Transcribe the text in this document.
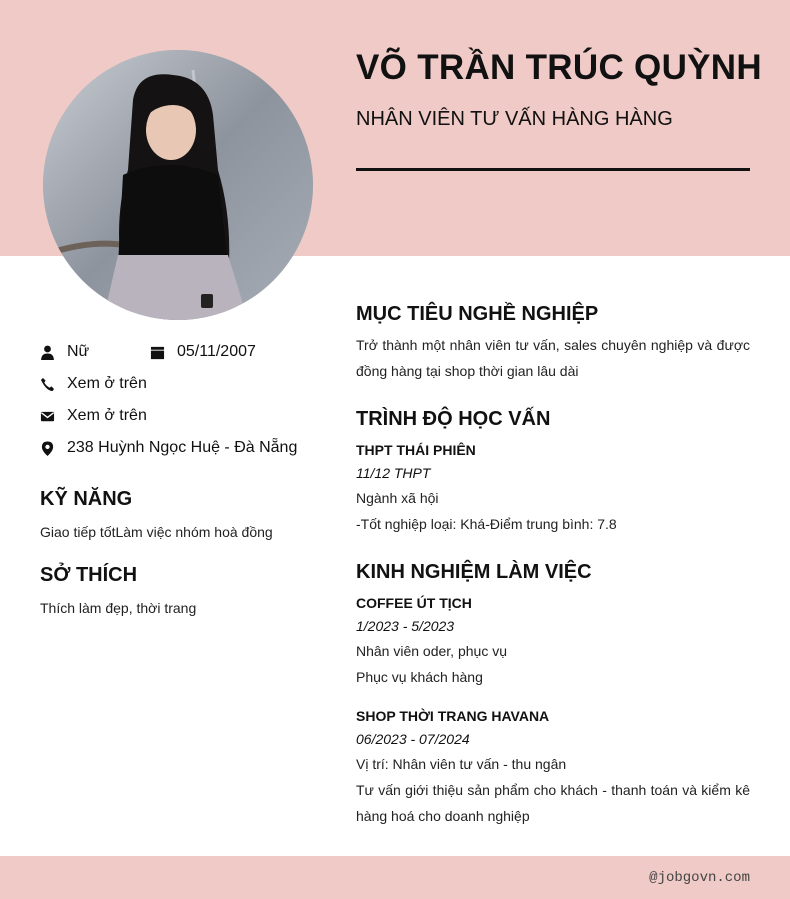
VÕ TRẦN TRÚC QUỲNH
NHÂN VIÊN TƯ VẤN HÀNG HÀNG
Nữ	05/11/2007
Xem ở trên
Xem ở trên
238 Huỳnh Ngọc Huệ - Đà Nẵng
KỸ NĂNG
Giao tiếp tốtLàm việc nhóm hoà đồng
SỞ THÍCH
Thích làm đẹp, thời trang
MỤC TIÊU NGHỀ NGHIỆP
Trở thành một nhân viên tư vấn, sales chuyên nghiệp và được đồng hàng tại shop thời gian lâu dài
TRÌNH ĐỘ HỌC VẤN
THPT THÁI PHIÊN
11/12 THPT
Ngành xã hội
-Tốt nghiệp loại: Khá-Điểm trung bình: 7.8
KINH NGHIỆM LÀM VIỆC
COFFEE ÚT TỊCH
1/2023 - 5/2023
Nhân viên oder, phục vụ
Phục vụ khách hàng
SHOP THỜI TRANG HAVANA
06/2023 - 07/2024
Vị trí: Nhân viên tư vấn - thu ngân
Tư vấn giới thiệu sản phẩm cho khách - thanh toán và kiểm kê hàng hoá cho doanh nghiệp
@jobgovn.com
